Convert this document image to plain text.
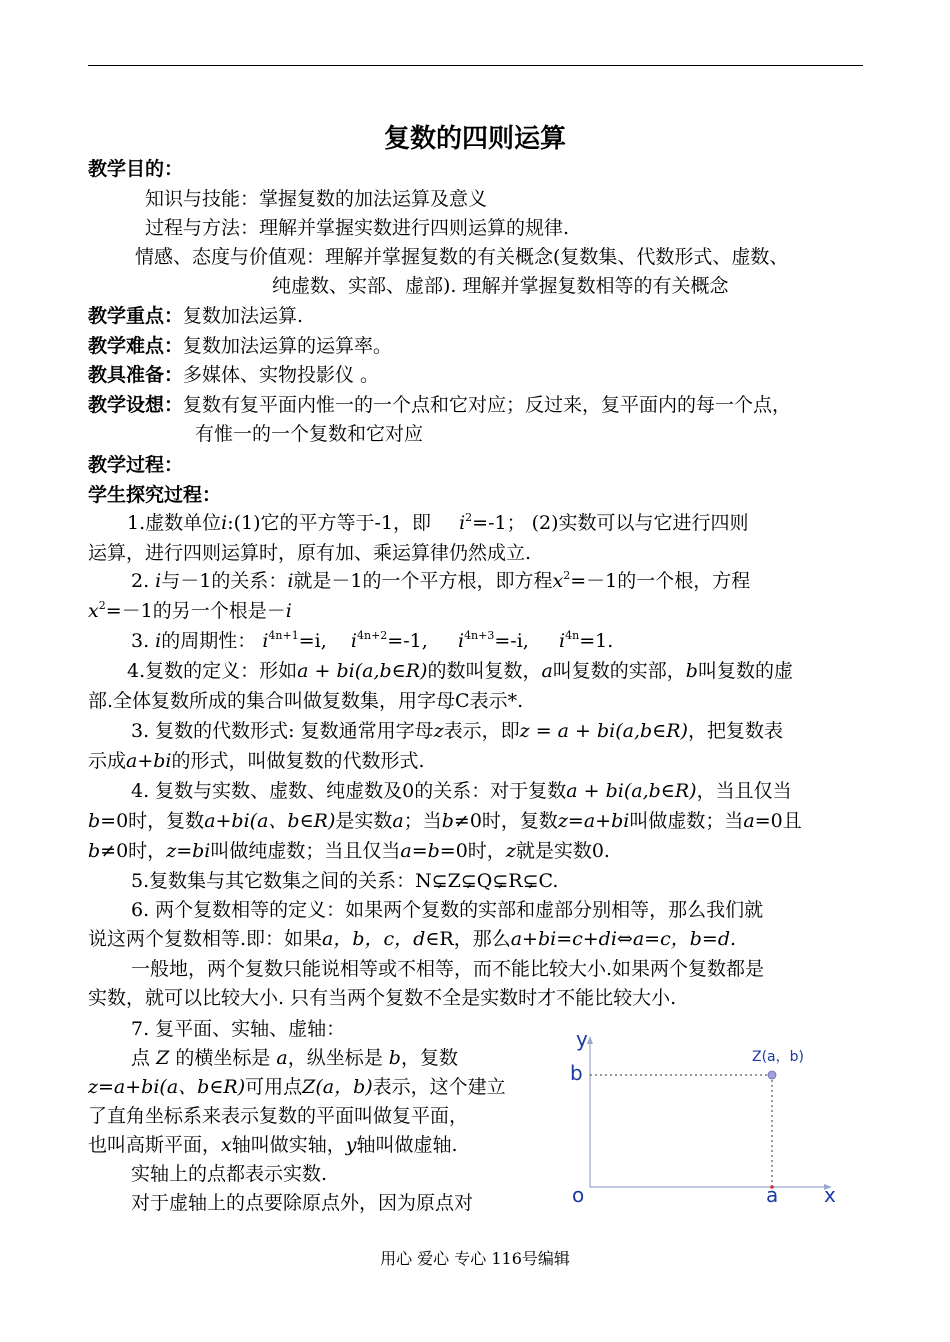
复数的四则运算
教学目的：
知识与技能：掌握复数的加法运算及意义
过程与方法：理解并掌握实数进行四则运算的规律.
情感、态度与价值观：理解并掌握复数的有关概念(复数集、代数形式、虚数、
纯虚数、实部、虚部). 理解并掌握复数相等的有关概念
教学重点：复数加法运算.
教学难点：复数加法运算的运算率。
教具准备：多媒体、实物投影仪 。
教学设想：复数有复平面内惟一的一个点和它对应；反过来，复平面内的每一个点，
有惟一的一个复数和它对应
教学过程：
学生探究过程：
1.虚数单位i:(1)它的平方等于-1，即 $i^2=-1$； (2)实数可以与它进行四则
运算，进行四则运算时，原有加、乘运算律仍然成立.
2. i与－1的关系：i就是－1的一个平方根，即方程$x^2=-1$的一个根，方程
$x^2=-1$的另一个根是－i
3. i的周期性： $i^{4n+1}=i$,    $i^{4n+2}=-1$,     $i^{4n+3}=-i$,     $i^{4n}=1$.
4.复数的定义：形如a + bi(a,b∈R)的数叫复数，a叫复数的实部，b叫复数的虚
部.全体复数所成的集合叫做复数集，用字母C表示*.
3. 复数的代数形式: 复数通常用字母z表示，即z = a + bi(a,b∈R)，把复数表
示成a+bi的形式，叫做复数的代数形式.
4. 复数与实数、虚数、纯虚数及0的关系：对于复数a + bi(a,b∈R)，当且仅当
b=0时，复数a+bi(a、b∈R)是实数a；当b≠0时，复数z=a+bi叫做虚数；当a=0且
b≠0时，z=bi叫做纯虚数；当且仅当a=b=0时，z就是实数0.
5.复数集与其它数集之间的关系：N⊊Z⊊Q⊊R⊊C.
6. 两个复数相等的定义：如果两个复数的实部和虚部分别相等，那么我们就
说这两个复数相等.即：如果a，b，c，d∈R，那么a+bi=c+di⇔a=c，b=d.
一般地，两个复数只能说相等或不相等，而不能比较大小.如果两个复数都是
实数，就可以比较大小. 只有当两个复数不全是实数时才不能比较大小.
7. 复平面、实轴、虚轴：
点 Z 的横坐标是 a，纵坐标是 b，复数
z=a+bi(a、b∈R)可用点Z(a，b)表示，这个建立
了直角坐标系来表示复数的平面叫做复平面，
也叫高斯平面，x轴叫做实轴，y轴叫做虚轴.
实轴上的点都表示实数.
对于虚轴上的点要除原点外，因为原点对
y
b
Z(a，b)
o	a x
用心 爱心 专心 116号编辑
